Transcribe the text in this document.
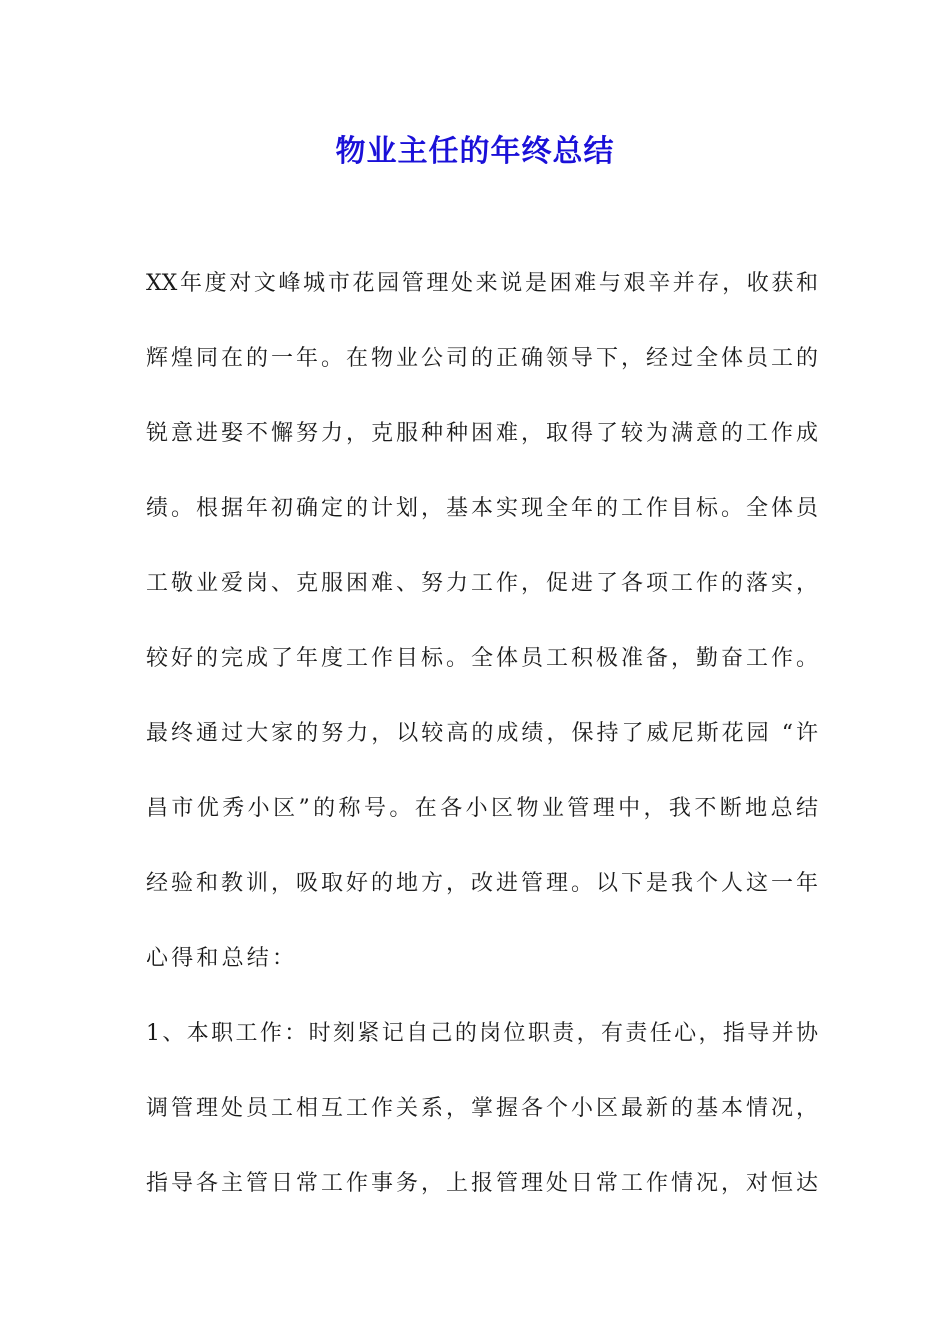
物业主任的年终总结
XX年度对文峰城市花园管理处来说是困难与艰辛并存，收获和
辉煌同在的一年。在物业公司的正确领导下，经过全体员工的
锐意进娶不懈努力，克服种种困难，取得了较为满意的工作成
绩。根据年初确定的计划，基本实现全年的工作目标。全体员
工敬业爱岗、克服困难、努力工作，促进了各项工作的落实，
较好的完成了年度工作目标。全体员工积极准备，勤奋工作。
最终通过大家的努力，以较高的成绩，保持了威尼斯花园 “许
昌市优秀小区”的称号。在各小区物业管理中，我不断地总结
经验和教训，吸取好的地方，改进管理。以下是我个人这一年
心得和总结：
1、本职工作：时刻紧记自己的岗位职责，有责任心，指导并协
调管理处员工相互工作关系，掌握各个小区最新的基本情况，
指导各主管日常工作事务，上报管理处日常工作情况，对恒达
